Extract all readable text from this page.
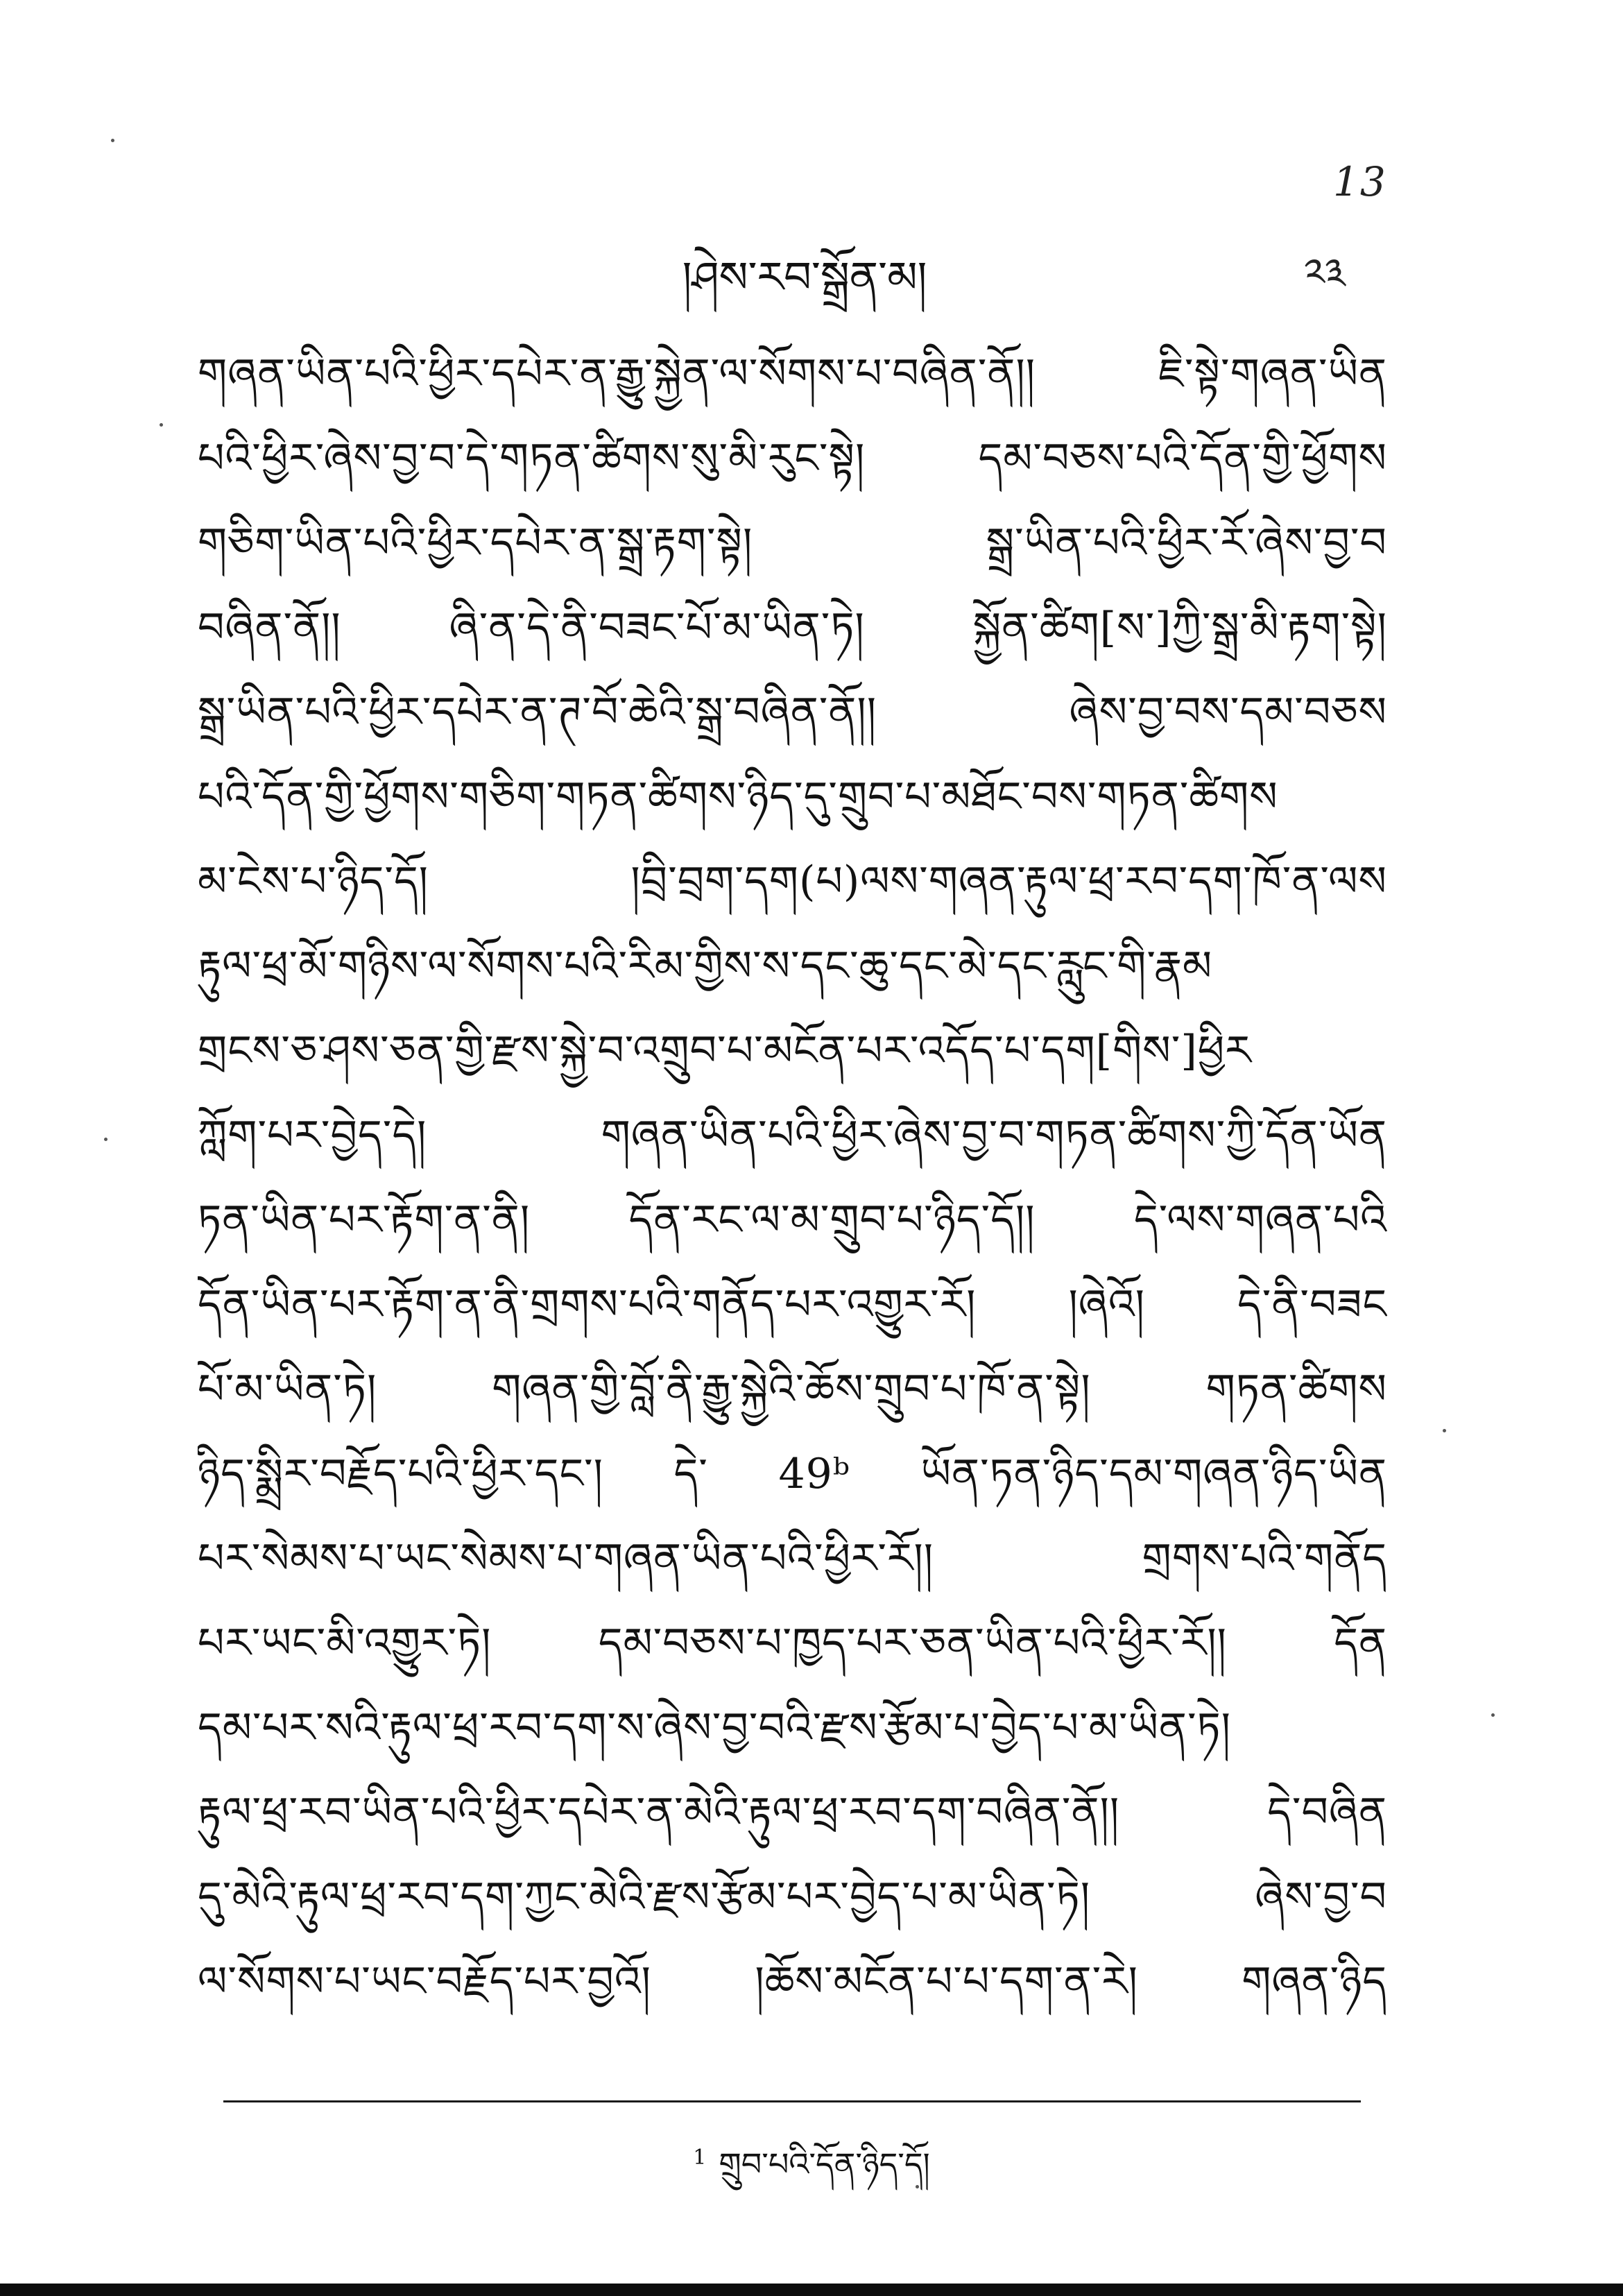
13
།ཤེས་རབ་སྒྲོན་མ།	༢༣
གཞན་ཡིན་པའི་ཕྱིར་དཔེར་ན་རྒྱུ་སྐྱེན་ལ་སོགས་པ་བཞིན་ནོ།། ཇི་སྟེ་གཞན་ཡིན
པའི་ཕྱིར་ཞེས་བྱ་བ་དེ་གཏན་ཚིགས་སུ་མི་རུང་སྟེ། དམ་བཅས་པའི་དོན་གྱི་ཕྱོགས
གཅིག་ཡིན་པའི་ཕྱིར་དཔེར་ན་སྒྲ་རྟག་སྟེ། སྒྲ་ཡིན་པའི་ཕྱིར་རོ་ཞེས་བྱ་བ
བཞིན་ནོ།། ཞི་ན་དེ་ནི་བཟང་པོ་མ་ཡིན་ཏེ། སྐྱོན་ཚིག[ས་]ཀྱི་སྒྲ་མི་རྟག་སྟེ།
སྒྲ་ཡིན་པའི་ཕྱིར་དཔེར་ན་ཊ་བོ་ཆེའི་སྒྲ་བཞིན་ནོ།། ཞེས་བྱ་བས་དམ་བཅས
པའི་དོན་གྱི་ཕྱོགས་གཅིག་གཏན་ཚིགས་ཉིད་དུ་གྲུབ་པ་མཐོང་བས་གཏན་ཚིགས
མ་ངེས་པ་ཉིད་དོ། །བྲི་བྲག་དག(པ)ལས་གཞན་རྟུལ་ཕྲ་རབ་དག་ཁོ་ན་ལས
རྟུལ་ཕྲ་མོ་གཉིས་ལ་སོགས་པའི་རིམ་གྱིས་ས་དང་ཆུ་དང་མེ་དང་རླུང་གི་རྣམ
གྲངས་ཅ་ཤས་ཅན་གྱི་རྫས་སྐྱེ་བ་འགྲུབ་པ་མངོན་པར་འདོད་པ་དག[གིས་]ཕྱིར
ཀློག་པར་བྱེད་དེ། གཞན་ཡིན་པའི་ཕྱིར་ཞེས་བྱ་བ་གཏན་ཚིགས་ཀྱི་དོན་ཡོན
ཏན་ཡིན་པར་རྟོག་ན་ནི། དོན་རང་ལ་མ་གྲུབ་པ་ཉིད་དོ།། དེ་ལས་གཞན་པའི
དོན་ཡིན་པར་རྟོག་ན་ནི་གྲགས་པའི་གནོད་པར་འགྱུར་རོ། །ཞེའོ། དེ་ནི་བཟང
པོ་མ་ཡིན་ཏེ། གཞན་གྱི་བློ་ནི་རྒྱུ་སྐྱེའི་ཆོས་གྲུབ་པ་ཁོ་ན་སྟེ། གཏན་ཚིགས
ཉིད་སྨྲིར་བརྗོད་པའི་ཕྱིར་དང་། དེ་ 49ᵇ ཡོན་ཏན་ཉིད་དམ་གཞན་ཉིད་ཡིན
པར་སེམས་པ་ཡང་སེམས་པ་གཞན་ཡིན་པའི་ཕྱིར་རོ།། གྲགས་པའི་གནོད
པར་ཡང་མི་འགྱུར་ཏེ། དམ་བཅས་པ་ཁྱད་པར་ཅན་ཡིན་པའི་ཕྱིར་རོ།། དོན
དམ་པར་སའི་རྟུལ་ཕྲ་རབ་དག་ས་ཞེས་བྱ་བའི་རྫས་རྩོམ་པ་བྱེད་པ་མ་ཡིན་ཏེ།
རྟུལ་ཕྲ་རབ་ཡིན་པའི་ཕྱིར་དཔེར་ན་མེའི་རྟུལ་ཕྲ་རབ་དག་བཞིན་ནོ།། དེ་བཞིན
དུ་མེའི་རྟུལ་ཕྲ་རབ་དག་ཀྱང་མེའི་རྫས་རྩོམ་པར་བྱེད་པ་མ་ཡིན་ཏེ། ཞེས་བྱ་བ
ལ་སོགས་པ་ཡང་བརྗོད་པར་བྱའོ། །ཆོས་མངོན་པ་པ་དག་ན་རེ། གཞན་ཉིད
$^1$ གྲུབ་པའི་དོན་ཉིད་དོ།
